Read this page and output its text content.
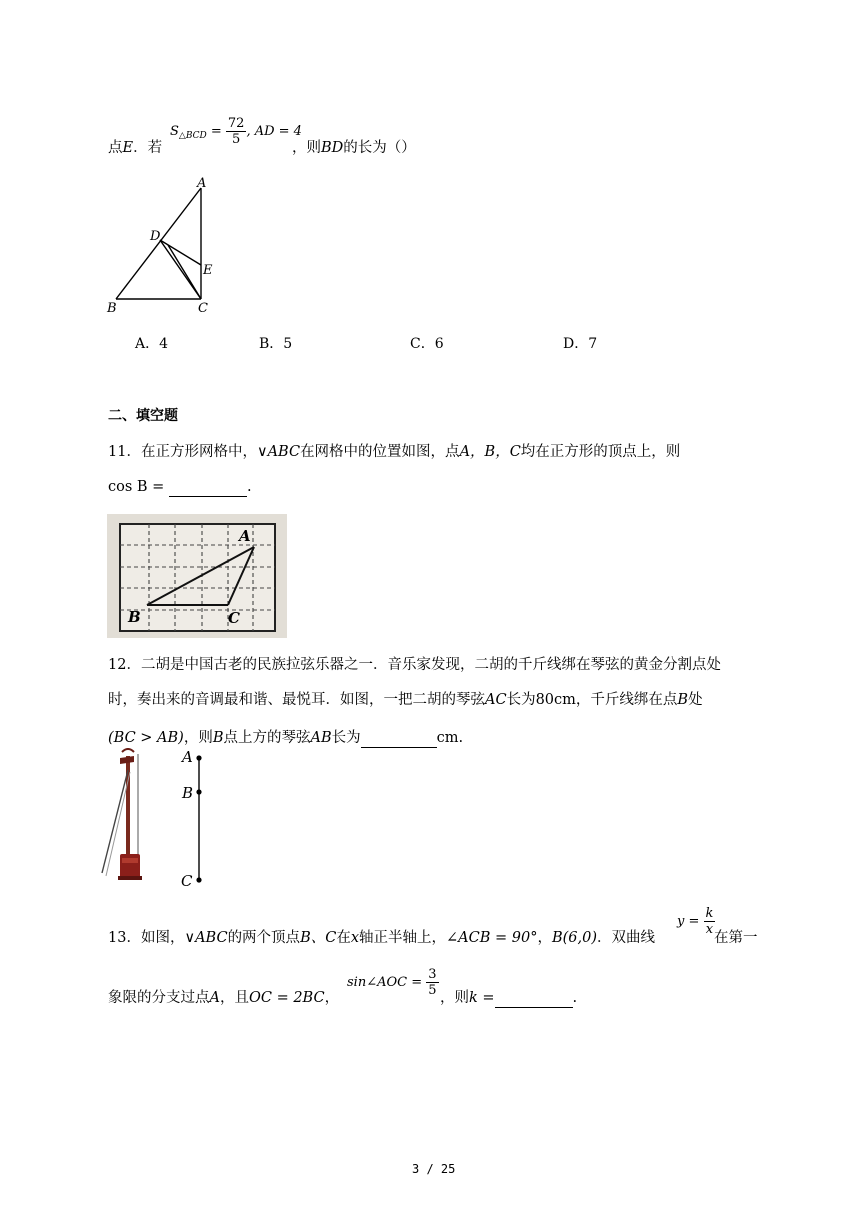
点E．若
$S_{\triangle BCD} = \frac{72}{5}$ , AD = 4
，则BD的长为（）
A
D
E
B	C
A．4	B．5	C．6	D．7
二、填空题
11．在正方形网格中，∨ABC在网格中的位置如图，点A，B，C均在正方形的顶点上，则
cos B =	.
A
B	C
12．二胡是中国古老的民族拉弦乐器之一．音乐家发现，二胡的千斤线绑在琴弦的黄金分割点处
时，奏出来的音调最和谐、最悦耳．如图，一把二胡的琴弦AC长为80cm，千斤线绑在点B处
(BC > AB)，则B点上方的琴弦AB长为	cm.
A
B
C
13．如图，∨ABC的两个顶点B、C在x轴正半轴上，∠ACB = 90°，B(6,0)．双曲线
$y = \frac{k}{x}$
在第一
象限的分支过点A，且OC = 2BC，
sin∠AOC = $\frac{3}{5}$ ，则k =	.
3 / 25
